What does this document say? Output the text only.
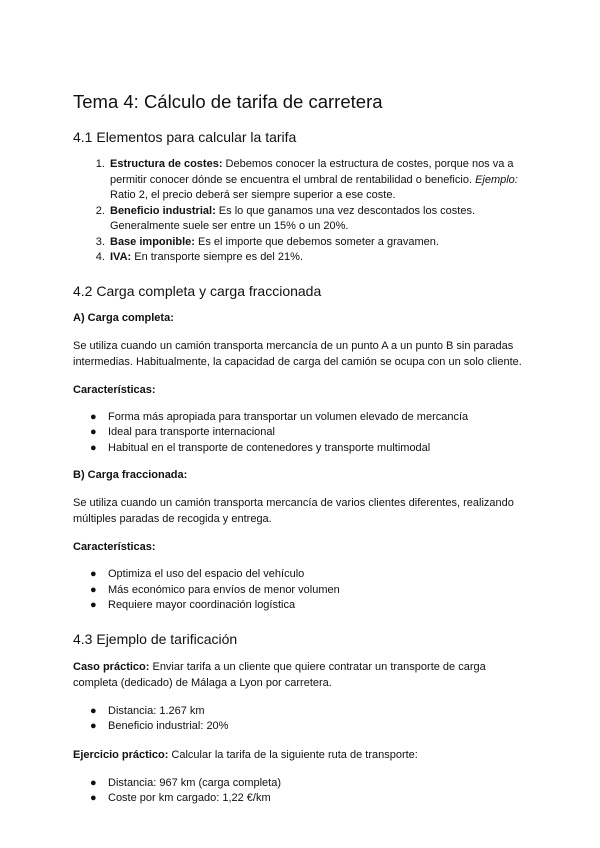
Tema 4: Cálculo de tarifa de carretera
4.1 Elementos para calcular la tarifa
1. Estructura de costes: Debemos conocer la estructura de costes, porque nos va a permitir conocer dónde se encuentra el umbral de rentabilidad o beneficio. Ejemplo: Ratio 2, el precio deberá ser siempre superior a ese coste.
2. Beneficio industrial: Es lo que ganamos una vez descontados los costes. Generalmente suele ser entre un 15% o un 20%.
3. Base imponible: Es el importe que debemos someter a gravamen.
4. IVA: En transporte siempre es del 21%.
4.2 Carga completa y carga fraccionada
A) Carga completa:

Se utiliza cuando un camión transporta mercancía de un punto A a un punto B sin paradas intermedias. Habitualmente, la capacidad de carga del camión se ocupa con un solo cliente.

Características:
● Forma más apropiada para transportar un volumen elevado de mercancía
● Ideal para transporte internacional
● Habitual en el transporte de contenedores y transporte multimodal
B) Carga fraccionada:

Se utiliza cuando un camión transporta mercancía de varios clientes diferentes, realizando múltiples paradas de recogida y entrega.

Características:
● Optimiza el uso del espacio del vehículo
● Más económico para envíos de menor volumen
● Requiere mayor coordinación logística
4.3 Ejemplo de tarificación

Caso práctico: Enviar tarifa a un cliente que quiere contratar un transporte de carga completa (dedicado) de Málaga a Lyon por carretera.

● Distancia: 1.267 km
● Beneficio industrial: 20%

Ejercicio práctico: Calcular la tarifa de la siguiente ruta de transporte:

● Distancia: 967 km (carga completa)
● Coste por km cargado: 1,22 €/km
